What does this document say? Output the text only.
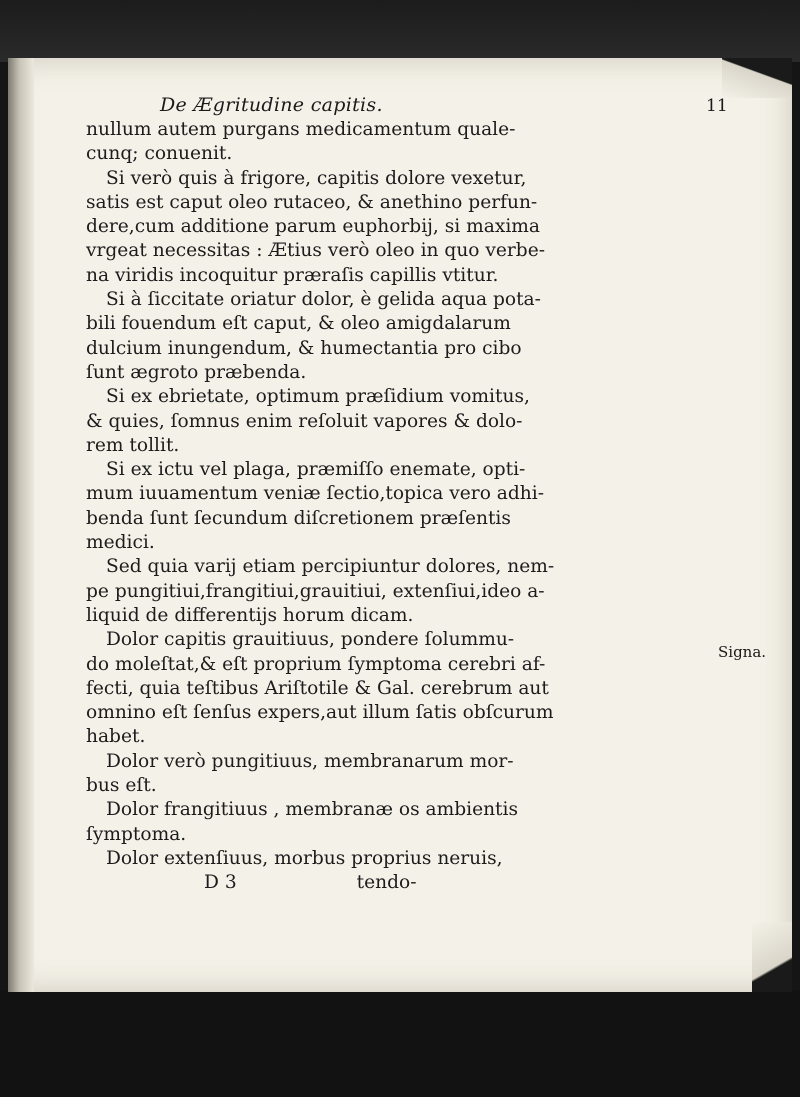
De Ægritudine capitis.	11
nullum autem purgans medicamentum quale-
cunq; conuenit.
Si verò quis à frigore, capitis dolore vexetur,
satis est caput oleo rutaceo, & anethino perfun-
dere,cum additione parum euphorbij, si maxima
vrgeat necessitas : Ætius verò oleo in quo verbe-
na viridis incoquitur præraſis capillis vtitur.
Si à ſiccitate oriatur dolor, è gelida aqua pota-
bili fouendum eſt caput, & oleo amigdalarum
dulcium inungendum, & humectantia pro cibo
ſunt ægroto præbenda.
Si ex ebrietate, optimum præſidium vomitus,
& quies, ſomnus enim reſoluit vapores & dolo-
rem tollit.
Si ex ictu vel plaga, præmiſſo enemate, opti-
mum iuuamentum veniæ ſectio,topica vero adhi-
benda ſunt ſecundum diſcretionem præſentis
medici.
Sed quia varij etiam percipiuntur dolores, nem-
pe pungitiui,frangitiui,grauitiui, extenſiui,ideo a-
liquid de differentijs horum dicam.
Dolor capitis grauitiuus, pondere ſolummu-
do moleſtat,& eſt proprium ſymptoma cerebri af-
fecti, quia teſtibus Ariſtotile & Gal. cerebrum aut
omnino eſt ſenſus expers,aut illum ſatis obſcurum
habet.
Dolor verò pungitiuus, membranarum mor-
bus eſt.
Dolor frangitiuus , membranæ os ambientis
ſymptoma.
Dolor extenſiuus, morbus proprius neruis,
D 3	tendo-
Signa.
